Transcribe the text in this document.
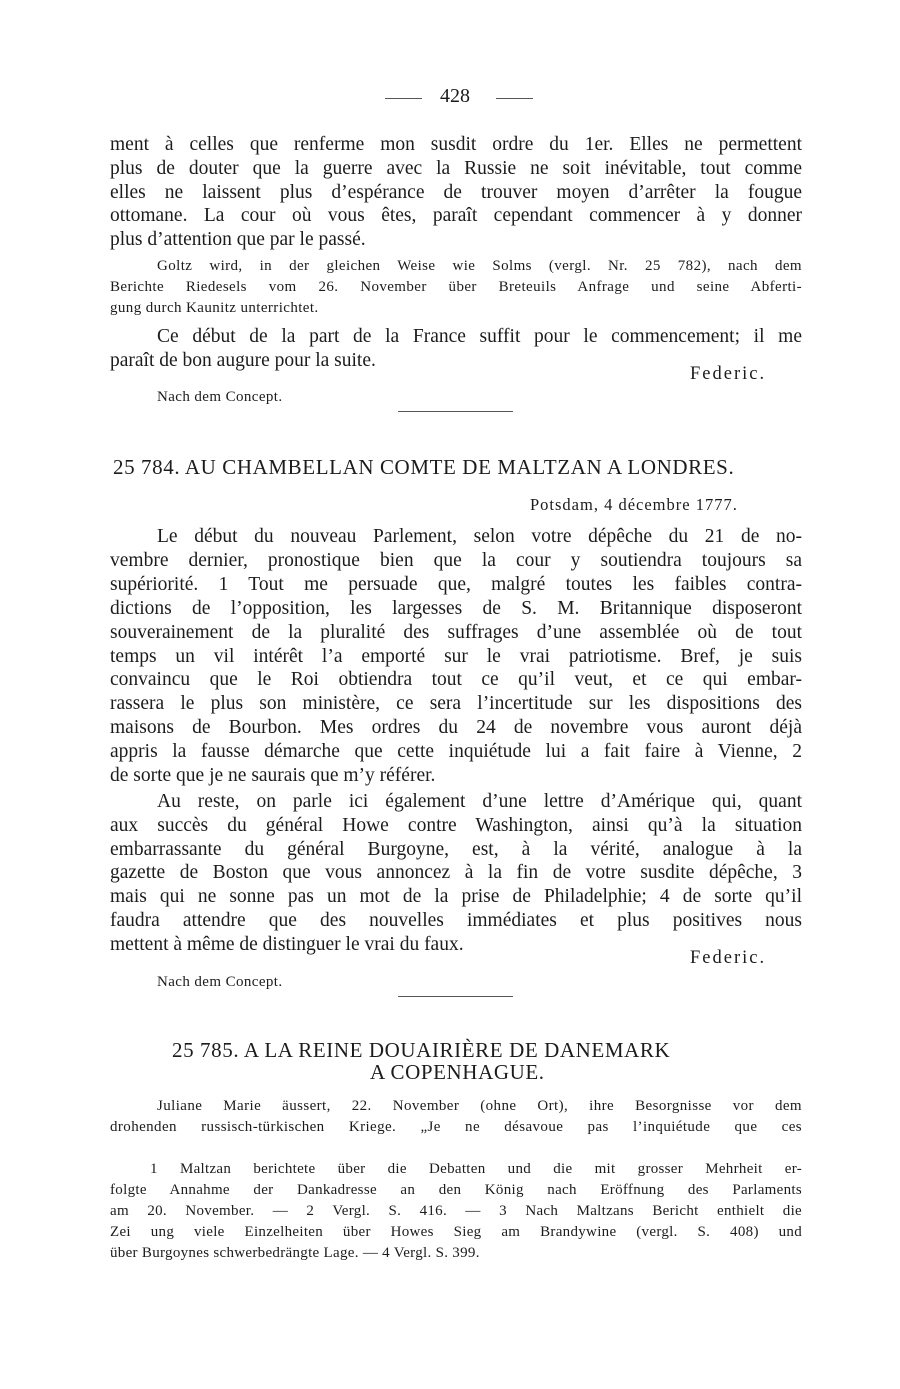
428
ment à celles que renferme mon susdit ordre du 1er. Elles ne permettent
plus de douter que la guerre avec la Russie ne soit inévitable, tout comme
elles ne laissent plus d’espérance de trouver moyen d’arrêter la fougue
ottomane. La cour où vous êtes, paraît cependant commencer à y donner
plus d’attention que par le passé.
Goltz wird, in der gleichen Weise wie Solms (vergl. Nr. 25 782), nach dem
Berichte Riedesels vom 26. November über Breteuils Anfrage und seine Abferti-
gung durch Kaunitz unterrichtet.
Ce début de la part de la France suffit pour le commencement; il me
paraît de bon augure pour la suite.
Federic.
Nach dem Concept.
25 784. AU CHAMBELLAN COMTE DE MALTZAN A LONDRES.
Potsdam, 4 décembre 1777.
Le début du nouveau Parlement, selon votre dépêche du 21 de no-
vembre dernier, pronostique bien que la cour y soutiendra toujours sa
supériorité. 1 Tout me persuade que, malgré toutes les faibles contra-
dictions de l’opposition, les largesses de S. M. Britannique disposeront
souverainement de la pluralité des suffrages d’une assemblée où de tout
temps un vil intérêt l’a emporté sur le vrai patriotisme. Bref, je suis
convaincu que le Roi obtiendra tout ce qu’il veut, et ce qui embar-
rassera le plus son ministère, ce sera l’incertitude sur les dispositions des
maisons de Bourbon. Mes ordres du 24 de novembre vous auront déjà
appris la fausse démarche que cette inquiétude lui a fait faire à Vienne, 2
de sorte que je ne saurais que m’y référer.
Au reste, on parle ici également d’une lettre d’Amérique qui, quant
aux succès du général Howe contre Washington, ainsi qu’à la situation
embarrassante du général Burgoyne, est, à la vérité, analogue à la
gazette de Boston que vous annoncez à la fin de votre susdite dépêche, 3
mais qui ne sonne pas un mot de la prise de Philadelphie; 4 de sorte qu’il
faudra attendre que des nouvelles immédiates et plus positives nous
mettent à même de distinguer le vrai du faux.
Federic.
Nach dem Concept.
25 785. A LA REINE DOUAIRIÈRE DE DANEMARK
A COPENHAGUE.
Juliane Marie äussert, 22. November (ohne Ort), ihre Besorgnisse vor dem
drohenden russisch-türkischen Kriege. „Je ne désavoue pas l’inquiétude que ces
1 Maltzan berichtete über die Debatten und die mit grosser Mehrheit er-
folgte Annahme der Dankadresse an den König nach Eröffnung des Parlaments
am 20. November. — 2 Vergl. S. 416. — 3 Nach Maltzans Bericht enthielt die
Zei ung viele Einzelheiten über Howes Sieg am Brandywine (vergl. S. 408) und
über Burgoynes schwerbedrängte Lage. — 4 Vergl. S. 399.
